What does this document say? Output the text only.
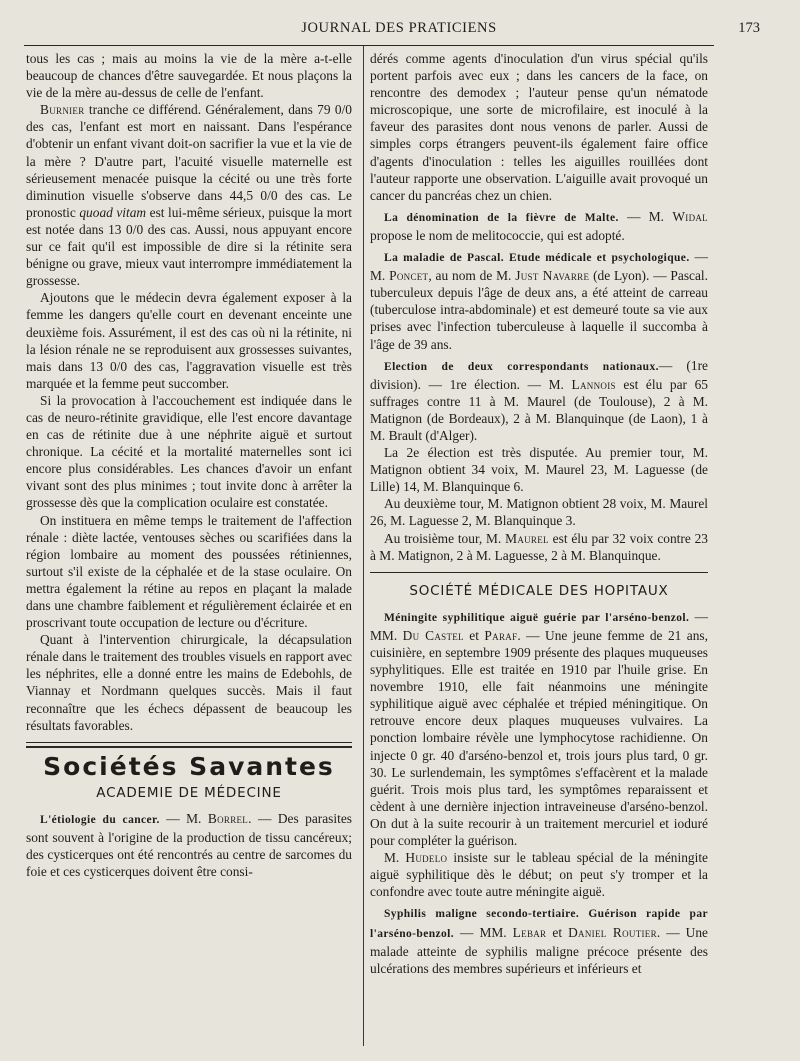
JOURNAL DES PRATICIENS	173

tous les cas ; mais au moins la vie de la mère a-t-elle beaucoup de chances d'être sauvegardée. Et nous plaçons la vie de la mère au-dessus de celle de l'enfant.

Burnier tranche ce différend. Généralement, dans 79 0/0 des cas, l'enfant est mort en naissant. Dans l'espérance d'obtenir un enfant vivant doit-on sacrifier la vue et la vie de la mère ? D'autre part, l'acuité visuelle maternelle est sérieusement menacée puisque la cécité ou une très forte diminution visuelle s'observe dans 44,5 0/0 des cas. Le pronostic quoad vitam est lui-même sérieux, puisque la mort est notée dans 13 0/0 des cas. Aussi, nous appuyant encore sur ce fait qu'il est impossible de dire si la rétinite sera bénigne ou grave, mieux vaut interrompre immédiatement la grossesse.

Ajoutons que le médecin devra également exposer à la femme les dangers qu'elle court en devenant enceinte une deuxième fois. Assurément, il est des cas où ni la rétinite, ni la lésion rénale ne se reproduisent aux grossesses suivantes, mais dans 13 0/0 des cas, l'aggravation visuelle est très marquée et la femme peut succomber.

Si la provocation à l'accouchement est indiquée dans le cas de neuro-rétinite gravidique, elle l'est encore davantage en cas de rétinite due à une néphrite aiguë et surtout chronique. La cécité et la mortalité maternelles sont ici encore plus considérables. Les chances d'avoir un enfant vivant sont des plus minimes ; tout invite donc à arrêter la grossesse dès que la complication oculaire est constatée.

On instituera en même temps le traitement de l'affection rénale : diète lactée, ventouses sèches ou scarifiées dans la région lombaire au moment des poussées rétiniennes, surtout s'il existe de la céphalée et de la stase oculaire. On mettra également la rétine au repos en plaçant la malade dans une chambre faiblement et régulièrement éclairée et en proscrivant toute occupation de lecture ou d'écriture.

Quant à l'intervention chirurgicale, la décapsulation rénale dans le traitement des troubles visuels en rapport avec les néphrites, elle a donné entre les mains de Edebohls, de Viannay et Nordmann quelques succès. Mais il faut reconnaître que les échecs dépassent de beaucoup les résultats favorables.

Sociétés Savantes
ACADEMIE DE MÉDECINE

L'étiologie du cancer. — M. Borrel. — Des parasites sont souvent à l'origine de la production de tissu cancéreux; des cysticerques ont été rencontrés au centre de sarcomes du foie et ces cysticerques doivent être consi-

dérés comme agents d'inoculation d'un virus spécial qu'ils portent parfois avec eux ; dans les cancers de la face, on rencontre des demodex ; l'auteur pense qu'un nématode microscopique, une sorte de microfilaire, est inoculé à la faveur des parasites dont nous venons de parler. Aussi de simples corps étrangers peuvent-ils également faire office d'agents d'inoculation : telles les aiguilles rouillées dont l'auteur rapporte une observation. L'aiguille avait provoqué un cancer du pancréas chez un chien.

La dénomination de la fièvre de Malte. — M. Widal propose le nom de melitococcie, qui est adopté.

La maladie de Pascal. Etude médicale et psychologique. — M. Poncet, au nom de M. Just Navarre (de Lyon). — Pascal. tuberculeux depuis l'âge de deux ans, a été atteint de carreau (tuberculose intra-abdominale) et est demeuré toute sa vie aux prises avec l'infection tuberculeuse à laquelle il succomba à l'âge de 39 ans.

Election de deux correspondants nationaux.— (1re division). — 1re élection. — M. Lannois est élu par 65 suffrages contre 11 à M. Maurel (de Toulouse), 2 à M. Matignon (de Bordeaux), 2 à M. Blanquinque (de Laon), 1 à M. Brault (d'Alger).

La 2e élection est très disputée. Au premier tour, M. Matignon obtient 34 voix, M. Maurel 23, M. Laguesse (de Lille) 14, M. Blanquinque 6.

Au deuxième tour, M. Matignon obtient 28 voix, M. Maurel 26, M. Laguesse 2, M. Blanquinque 3.

Au troisième tour, M. Maurel est élu par 32 voix contre 23 à M. Matignon, 2 à M. Laguesse, 2 à M. Blanquinque.

SOCIÉTÉ MÉDICALE DES HOPITAUX

Méningite syphilitique aiguë guérie par l'arséno-benzol. — MM. Du Castel et Paraf. — Une jeune femme de 21 ans, cuisinière, en septembre 1909 présente des plaques muqueuses syphylitiques. Elle est traitée en 1910 par l'huile grise. En novembre 1910, elle fait néanmoins une méningite syphilitique aiguë avec céphalée et trépied méningitique. On retrouve encore deux plaques muqueuses vulvaires. La ponction lombaire révèle une lymphocytose rachidienne. On injecte 0 gr. 40 d'arséno-benzol et, trois jours plus tard, 0 gr. 30. Le surlendemain, les symptômes s'effacèrent et la malade guérit. Trois mois plus tard, les symptômes reparaissent et cèdent à une dernière injection intraveineuse d'arséno-benzol. On dut à la suite recourir à un traitement mercuriel et ioduré pour compléter la guérison.

M. Hudelo insiste sur le tableau spécial de la méningite aiguë syphilitique dès le début; on peut s'y tromper et la confondre avec toute autre méningite aiguë.

Syphilis maligne secondo-tertiaire. Guérison rapide par l'arséno-benzol. — MM. Lebar et Daniel Routier. — Une malade atteinte de syphilis maligne précoce présente des ulcérations des membres supérieurs et inférieurs et
